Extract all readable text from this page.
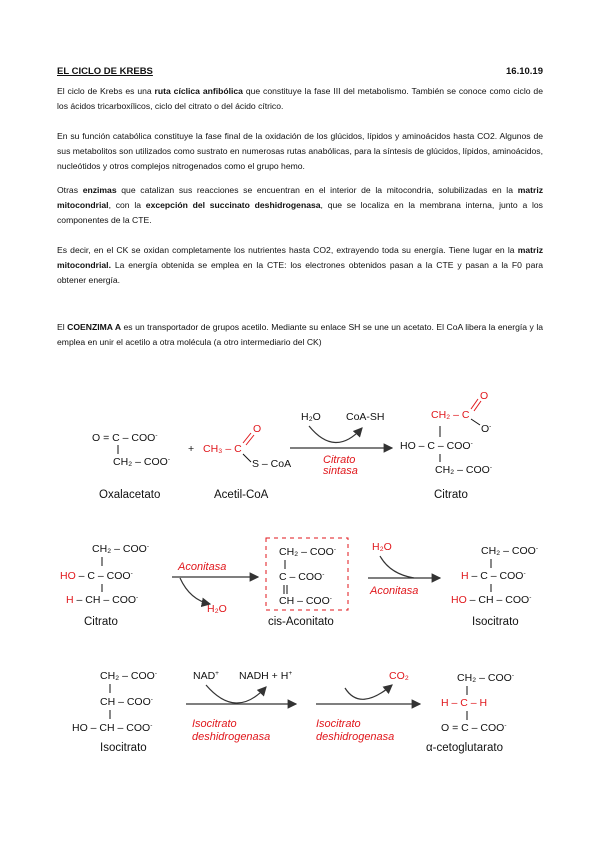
EL CICLO DE KREBS	16.10.19

El ciclo de Krebs es una ruta cíclica anfibólica que constituye la fase III del metabolismo. También se conoce como ciclo de los ácidos tricarboxílicos, ciclo del citrato o del ácido cítrico.

En su función catabólica constituye la fase final de la oxidación de los glúcidos, lípidos y aminoácidos hasta CO2. Algunos de sus metabolitos son utilizados como sustrato en numerosas rutas anabólicas, para la síntesis de glúcidos, lípidos, aminoácidos, nucleótidos y otros complejos nitrogenados como el grupo hemo.

Otras enzimas que catalizan sus reacciones se encuentran en el interior de la mitocondria, solubilizadas en la matriz mitocondrial, con la excepción del succinato deshidrogenasa, que se localiza en la membrana interna, junto a los componentes de la CTE.

Es decir, en el CK se oxidan completamente los nutrientes hasta CO2, extrayendo toda su energía. Tiene lugar en la matriz mitocondrial. La energía obtenida se emplea en la CTE: los electrones obtenidos pasan a la CTE y pasan a la F0 para obtener energía.

El COENZIMA A es un transportador de grupos acetilo. Mediante su enlace SH se une un acetato. El CoA libera la energía y la emplea en unir el acetilo a otra molécula (a otro intermediario del CK)

O = C – COO-
CH₂ – COO-
Oxalacetato
+ CH₃ – C
O
S – CoA
Acetil-CoA
H₂O CoA-SH
Citrato
sintasa
CH₂ – C
O
O-
HO – C – COO-
CH₂ – COO-
Citrato
CH₂ – COO-
HO – C – COO-
H – CH – COO-
Citrato
Aconitasa
H₂O
CH₂ – COO-
C – COO-
CH – COO-
cis-Aconitato
H₂O
Aconitasa
CH₂ – COO-
H – C – COO-
HO – CH – COO-
Isocitrato
CH₂ – COO-
CH – COO-
HO – CH – COO-
Isocitrato
NAD+ NADH + H+
Isocitrato
deshidrogenasa
CO₂
Isocitrato
deshidrogenasa
CH₂ – COO-
H – C – H
O = C – COO-
α-cetoglutarato
